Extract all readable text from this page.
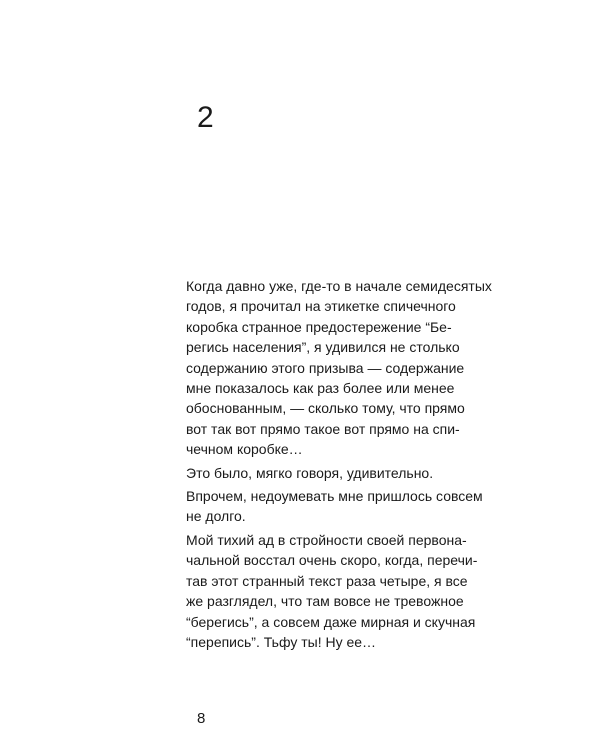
2

Когда давно уже, где-то в начале семидесятых
годов, я прочитал на этикетке спичечного
коробка странное предостережение “Бе-
регись населения”, я удивился не столько
содержанию этого призыва — содержание
мне показалось как раз более или менее
обоснованным, — сколько тому, что прямо
вот так вот прямо такое вот прямо на спи-
чечном коробке…

Это было, мягко говоря, удивительно.

Впрочем, недоумевать мне пришлось совсем
не долго.

Мой тихий ад в стройности своей первона-
чальной восстал очень скоро, когда, перечи-
тав этот странный текст раза четыре, я все
же разглядел, что там вовсе не тревожное
“берегись”, а совсем даже мирная и скучная
“перепись”. Тьфу ты! Ну ее…

8
